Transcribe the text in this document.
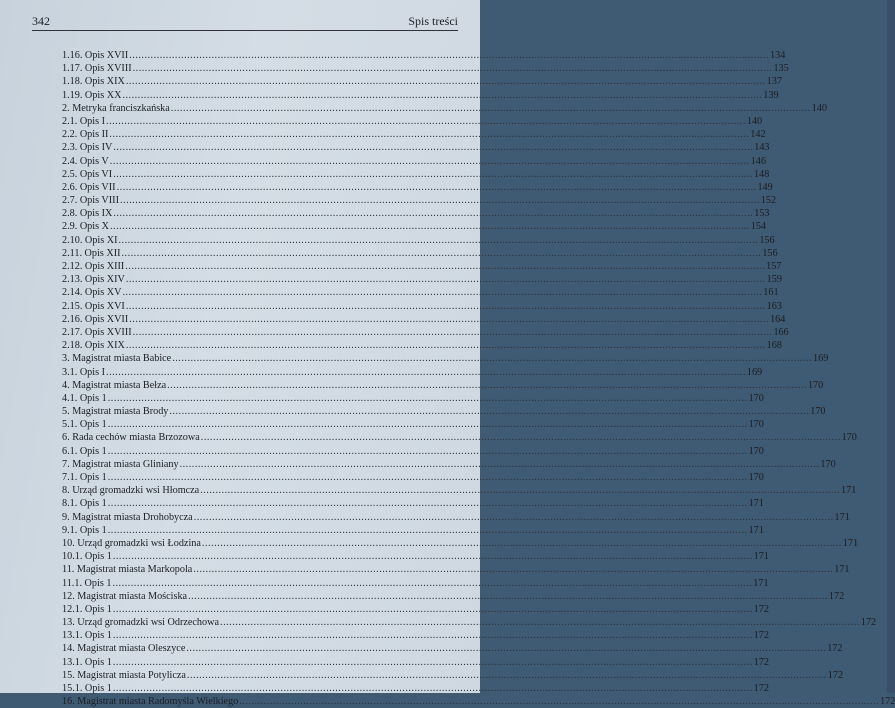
342	Spis treści
1.16. Opis XVII .....	134
1.17. Opis XVIII .....	135
1.18. Opis XIX .....	137
1.19. Opis XX .....	139
2. Metryka franciszkańska .....	140
2.1. Opis I .....	140
2.2. Opis II .....	142
2.3. Opis IV .....	143
2.4. Opis V .....	146
2.5. Opis VI .....	148
2.6. Opis VII .....	149
2.7. Opis VIII .....	152
2.8. Opis IX .....	153
2.9. Opis X .....	154
2.10. Opis XI .....	156
2.11. Opis XII .....	156
2.12. Opis XIII .....	157
2.13. Opis XIV .....	159
2.14. Opis XV .....	161
2.15. Opis XVI .....	163
2.16. Opis XVII .....	164
2.17. Opis XVIII .....	166
2.18. Opis XIX .....	168
3. Magistrat miasta Babice .....	169
3.1. Opis I .....	169
4. Magistrat miasta Bełza .....	170
4.1. Opis 1 .....	170
5. Magistrat miasta Brody .....	170
5.1. Opis 1 .....	170
6. Rada cechów miasta Brzozowa .....	170
6.1. Opis 1 .....	170
7. Magistrat miasta Gliniany .....	170
7.1. Opis 1 .....	170
8. Urząd gromadzki wsi Hłomcza .....	171
8.1. Opis 1 .....	171
9. Magistrat miasta Drohobycza .....	171
9.1. Opis 1 .....	171
10. Urząd gromadzki wsi Łodzina .....	171
10.1. Opis 1 .....	171
11. Magistrat miasta Markopola .....	171
11.1. Opis 1 .....	171
12. Magistrat miasta Mościska .....	172
12.1. Opis 1 .....	172
13. Urząd gromadzki wsi Odrzechowa .....	172
13.1. Opis 1 .....	172
14. Magistrat miasta Oleszyce .....	172
13.1. Opis 1 .....	172
15. Magistrat miasta Potylicza .....	172
15.1. Opis 1 .....	172
16. Magistrat miasta Radomyśla Wielkiego .....	172
